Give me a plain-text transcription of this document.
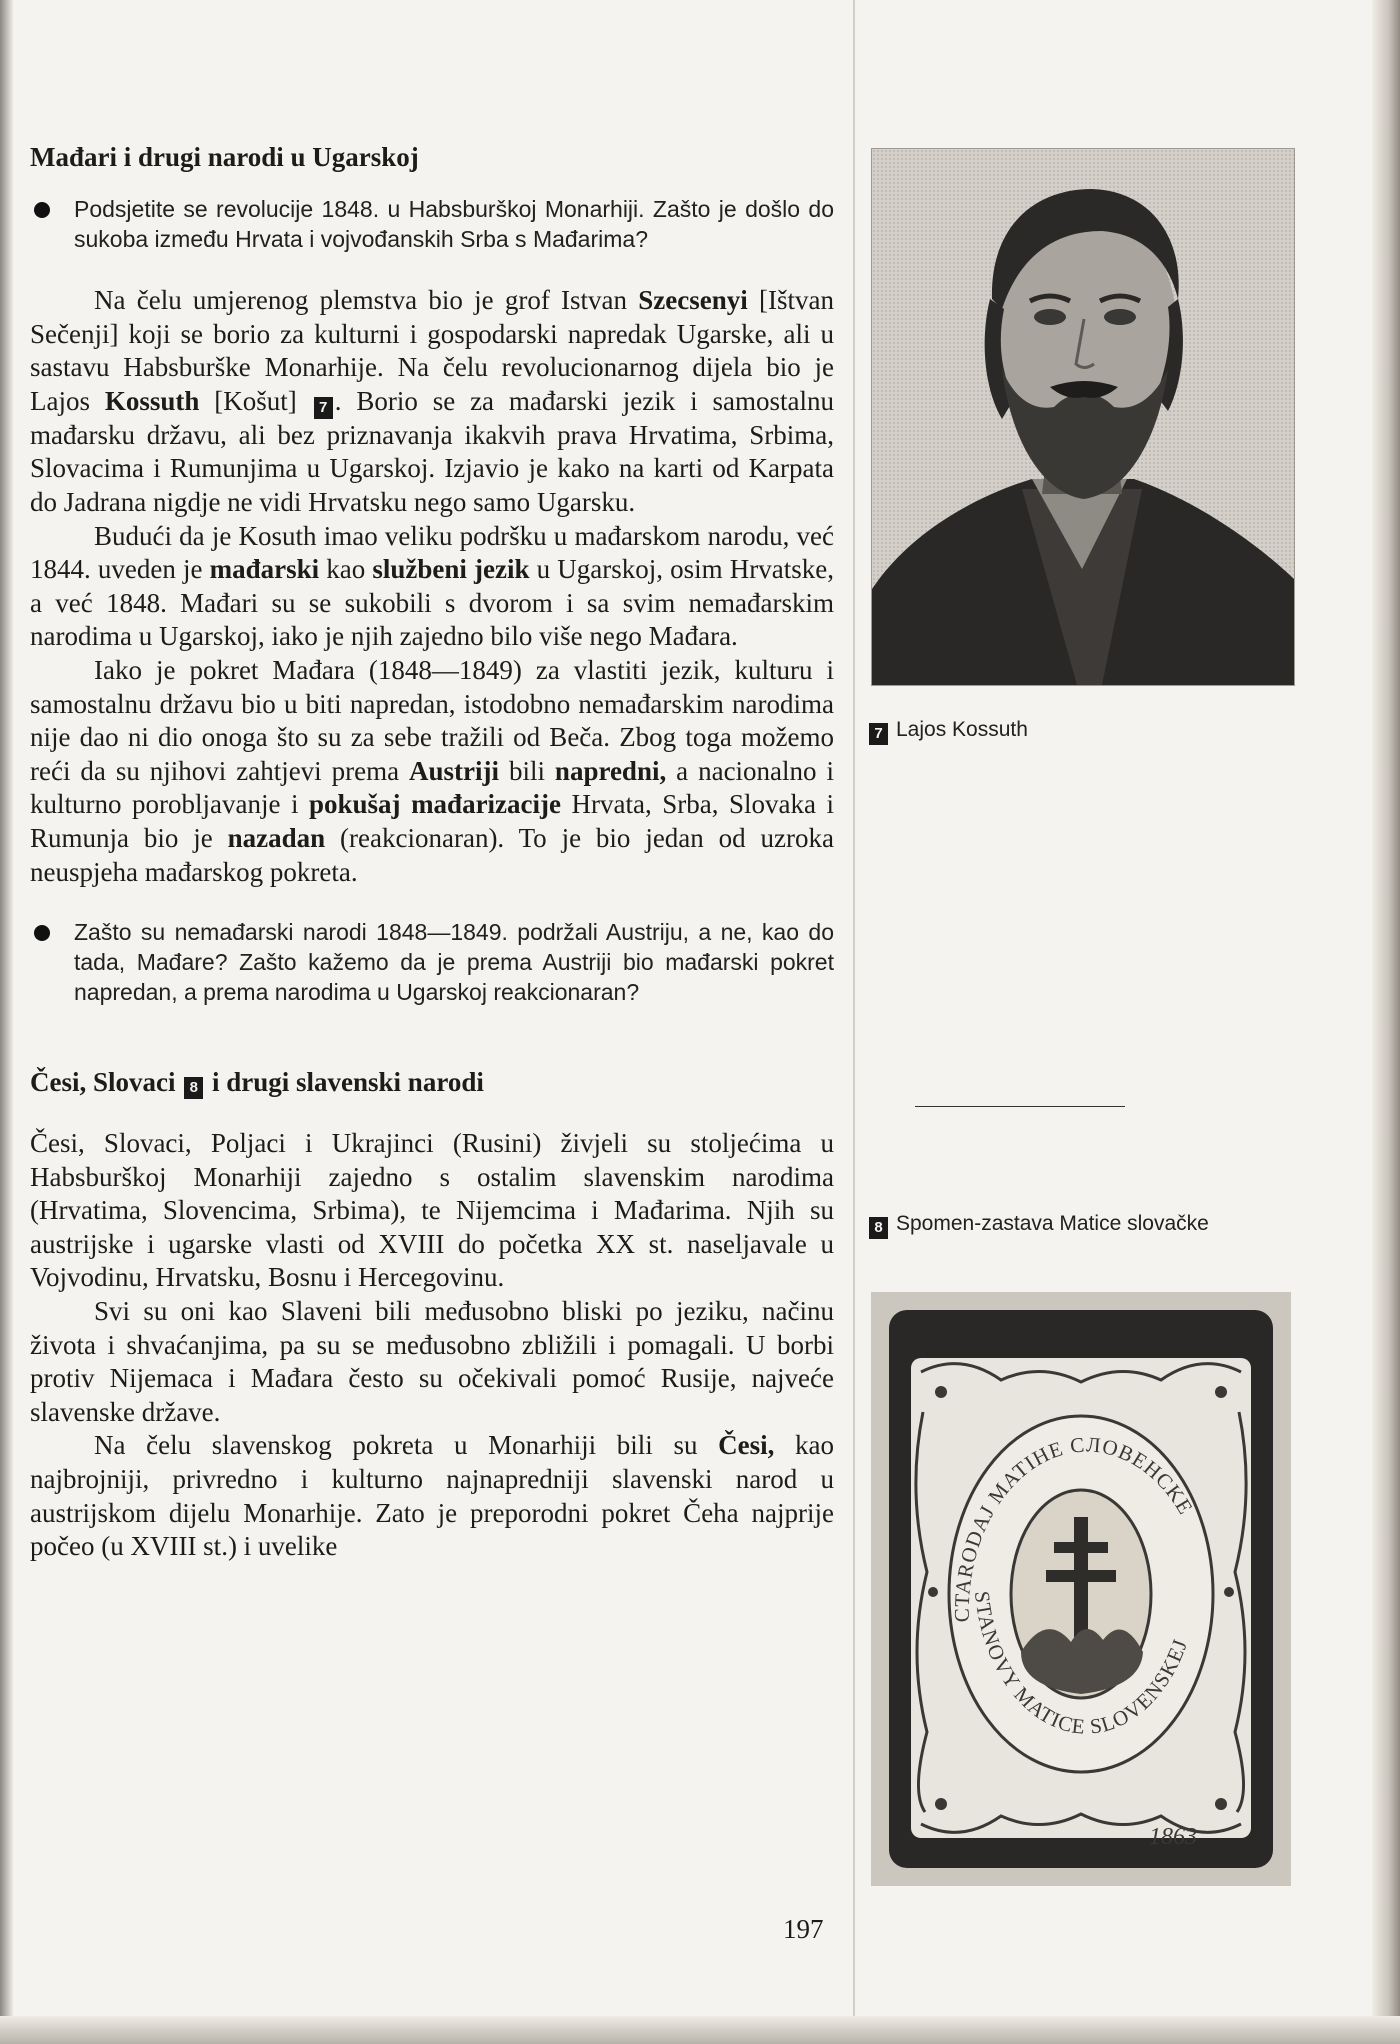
Mađari i drugi narodi u Ugarskoj
Podsjetite se revolucije 1848. u Habsburškoj Monarhiji. Zašto je došlo do sukoba između Hrvata i vojvođanskih Srba s Mađarima?

Na čelu umjerenog plemstva bio je grof Istvan Szecsenyi [Ištvan Sečenji] koji se borio za kulturni i gospodarski napredak Ugarske, ali u sastavu Habsburške Monarhije. Na čelu revolucionarnog dijela bio je Lajos Kossuth [Košut] 7 . Borio se za mađarski jezik i samostalnu mađarsku državu, ali bez priznavanja ikakvih prava Hrvatima, Srbima, Slovacima i Rumunjima u Ugarskoj. Izjavio je kako na karti od Karpata do Jadrana nigdje ne vidi Hrvatsku nego samo Ugarsku.

Budući da je Kosuth imao veliku podršku u mađarskom narodu, već 1844. uveden je mađarski kao službeni jezik u Ugarskoj, osim Hrvatske, a već 1848. Mađari su se sukobili s dvorom i sa svim nemađarskim narodima u Ugarskoj, iako je njih zajedno bilo više nego Mađara.

Iako je pokret Mađara (1848—1849) za vlastiti jezik, kulturu i samostalnu državu bio u biti napredan, istodobno nemađarskim narodima nije dao ni dio onoga što su za sebe tražili od Beča. Zbog toga možemo reći da su njihovi zahtjevi prema Austriji bili napredni, a nacionalno i kulturno porobljavanje i pokušaj mađarizacije Hrvata, Srba, Slovaka i Rumunja bio je nazadan (reakcionaran). To je bio jedan od uzroka neuspjeha mađarskog pokreta.

Zašto su nemađarski narodi 1848—1849. podržali Austriju, a ne, kao do tada, Mađare? Zašto kažemo da je prema Austriji bio mađarski pokret napredan, a prema narodima u Ugarskoj reakcionaran?
Česi, Slovaci 8 i drugi slavenski narodi

Česi, Slovaci, Poljaci i Ukrajinci (Rusini) živjeli su stoljećima u Habsburškoj Monarhiji zajedno s ostalim slavenskim narodima (Hrvatima, Slovencima, Srbima), te Nijemcima i Mađarima. Njih su austrijske i ugarske vlasti od XVIII do početka XX st. naseljavale u Vojvodinu, Hrvatsku, Bosnu i Hercegovinu.

Svi su oni kao Slaveni bili međusobno bliski po jeziku, načinu života i shvaćanjima, pa su se međusobno zbližili i pomagali. U borbi protiv Nijemaca i Mađara često su očekivali pomoć Rusije, najveće slavenske države.

Na čelu slavenskog pokreta u Monarhiji bili su Česi, kao najbrojniji, privredno i kulturno najnapredniji slavenski narod u austrijskom dijelu Monarhije. Zato je preporodni pokret Čeha najprije počeo (u XVIII st.) i uvelike

197
7 Lajos Kossuth
8 Spomen-zastava Matice slovačke
CTARODAJ MATIHE CЛOBEHCKE
STANOVY MATICE SLOVENSKEJ
1863
